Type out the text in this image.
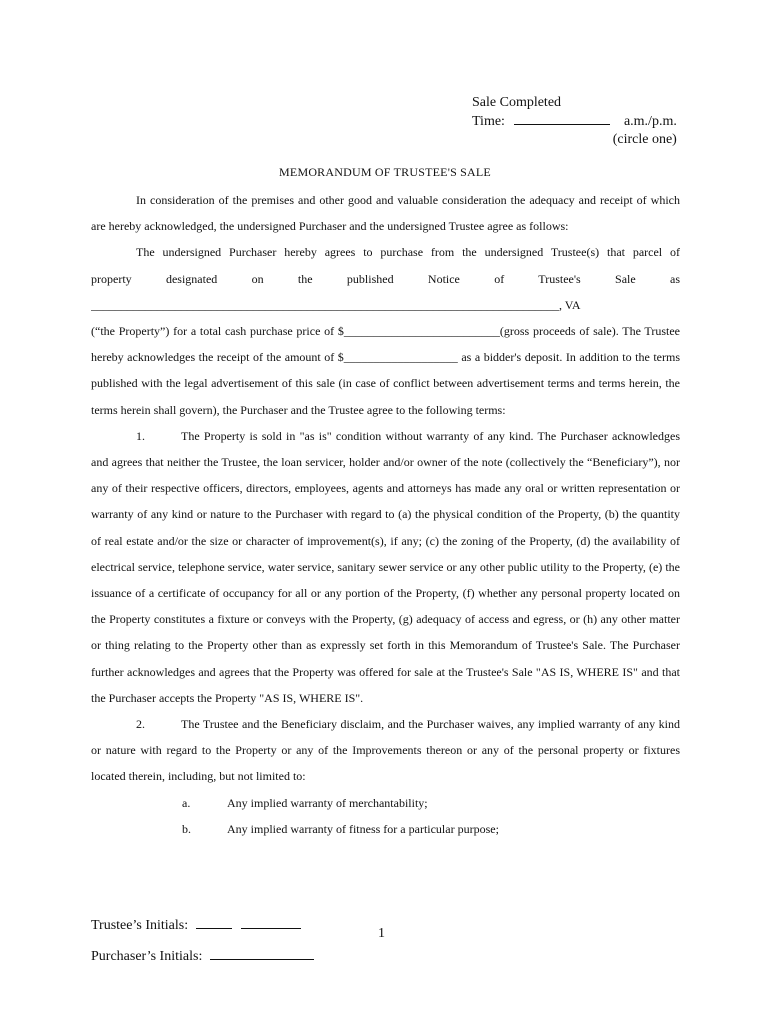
Sale Completed
Time:	a.m./p.m.
(circle one)
MEMORANDUM OF TRUSTEE'S SALE

In consideration of the premises and other good and valuable consideration the adequacy and receipt of which are hereby acknowledged, the undersigned Purchaser and the undersigned Trustee agree as follows:

The undersigned Purchaser hereby agrees to purchase from the undersigned Trustee(s) that parcel of

property designated on the published Notice of Trustee's Sale as

______________________________________________________________________________, VA

(“the Property”) for a total cash purchase price of $__________________________(gross proceeds of sale). The Trustee hereby acknowledges the receipt of the amount of $___________________ as a bidder's deposit. In addition to the terms published with the legal advertisement of this sale (in case of conflict between advertisement terms and terms herein, the terms herein shall govern), the Purchaser and the Trustee agree to the following terms:

1.	The Property is sold in "as is" condition without warranty of any kind. The Purchaser acknowledges and agrees that neither the Trustee, the loan servicer, holder and/or owner of the note (collectively the “Beneficiary”), nor any of their respective officers, directors, employees, agents and attorneys has made any oral or written representation or warranty of any kind or nature to the Purchaser with regard to (a) the physical condition of the Property, (b) the quantity of real estate and/or the size or character of improvement(s), if any; (c) the zoning of the Property, (d) the availability of electrical service, telephone service, water service, sanitary sewer service or any other public utility to the Property, (e) the issuance of a certificate of occupancy for all or any portion of the Property, (f) whether any personal property located on the Property constitutes a fixture or conveys with the Property, (g) adequacy of access and egress, or (h) any other matter or thing relating to the Property other than as expressly set forth in this Memorandum of Trustee's Sale. The Purchaser further acknowledges and agrees that the Property was offered for sale at the Trustee's Sale "AS IS, WHERE IS" and that the Purchaser accepts the Property "AS IS, WHERE IS".

2.	The Trustee and the Beneficiary disclaim, and the Purchaser waives, any implied warranty of any kind or nature with regard to the Property or any of the Improvements thereon or any of the personal property or fixtures located therein, including, but not limited to:

a.	Any implied warranty of merchantability;

b.	Any implied warranty of fitness for a particular purpose;

Trustee’s Initials:
Purchaser’s Initials:
1
